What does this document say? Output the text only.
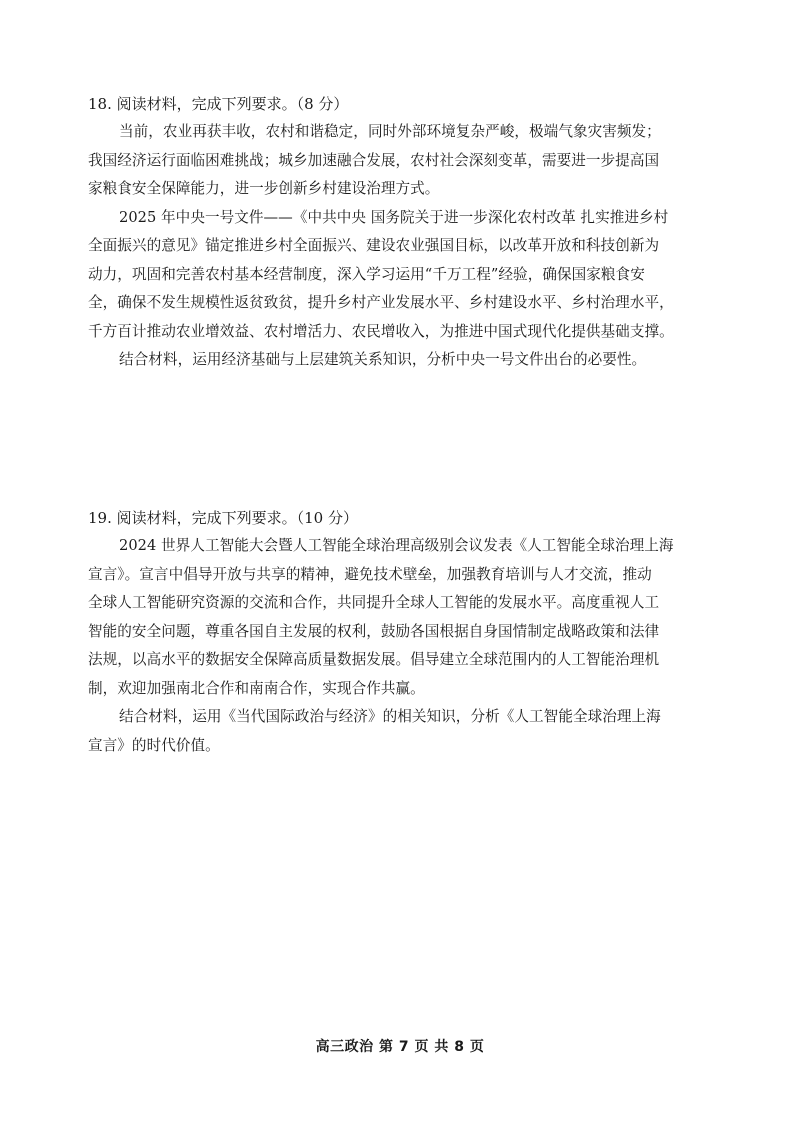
18. 阅读材料，完成下列要求。（8 分）

当前，农业再获丰收，农村和谐稳定，同时外部环境复杂严峻，极端气象灾害频发；

我国经济运行面临困难挑战；城乡加速融合发展，农村社会深刻变革，需要进一步提高国

家粮食安全保障能力，进一步创新乡村建设治理方式。

2025 年中央一号文件——《中共中央 国务院关于进一步深化农村改革 扎实推进乡村

全面振兴的意见》锚定推进乡村全面振兴、建设农业强国目标，以改革开放和科技创新为

动力，巩固和完善农村基本经营制度，深入学习运用“千万工程”经验，确保国家粮食安

全，确保不发生规模性返贫致贫，提升乡村产业发展水平、乡村建设水平、乡村治理水平，

千方百计推动农业增效益、农村增活力、农民增收入，为推进中国式现代化提供基础支撑。

结合材料，运用经济基础与上层建筑关系知识，分析中央一号文件出台的必要性。

19. 阅读材料，完成下列要求。（10 分）

2024 世界人工智能大会暨人工智能全球治理高级别会议发表《人工智能全球治理上海

宣言》。宣言中倡导开放与共享的精神，避免技术壁垒，加强教育培训与人才交流，推动

全球人工智能研究资源的交流和合作，共同提升全球人工智能的发展水平。高度重视人工

智能的安全问题，尊重各国自主发展的权利，鼓励各国根据自身国情制定战略政策和法律

法规，以高水平的数据安全保障高质量数据发展。倡导建立全球范围内的人工智能治理机

制，欢迎加强南北合作和南南合作，实现合作共赢。

结合材料，运用《当代国际政治与经济》的相关知识，分析《人工智能全球治理上海

宣言》的时代价值。

高三政治 第 7 页 共 8 页
